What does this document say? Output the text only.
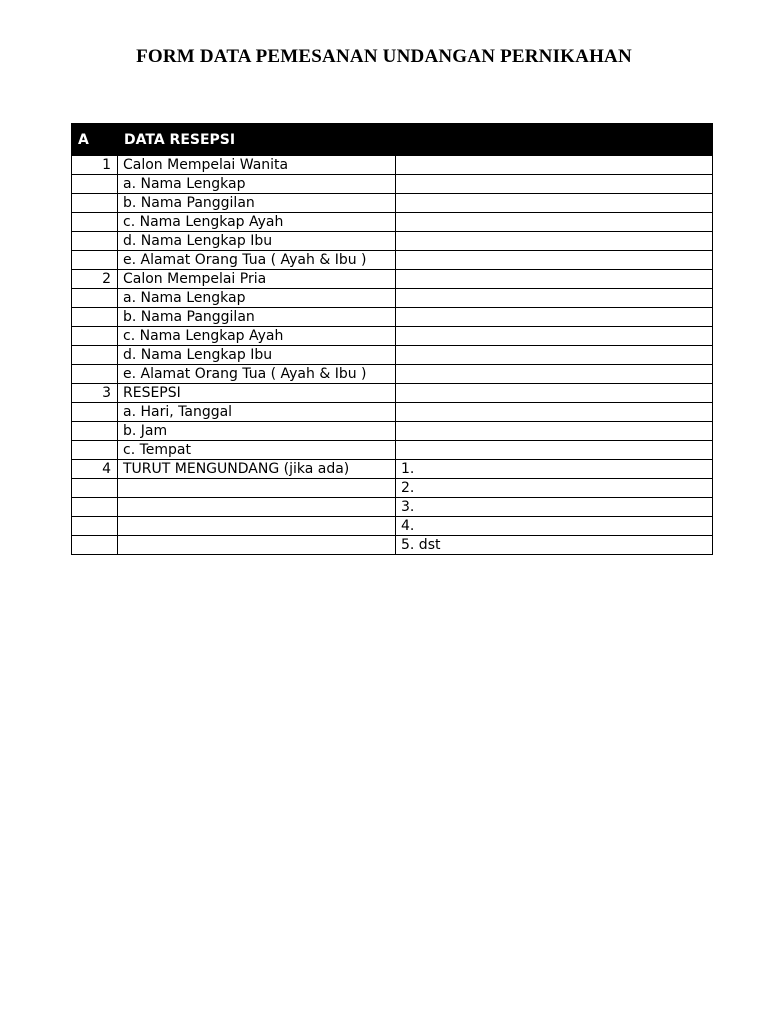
FORM DATA PEMESANAN UNDANGAN PERNIKAHAN
A	DATA RESEPSI	
1	Calon Mempelai Wanita	
	a. Nama Lengkap	
	b. Nama Panggilan	
	c. Nama Lengkap Ayah	
	d. Nama Lengkap Ibu	
	e. Alamat Orang Tua ( Ayah & Ibu )	
2	Calon Mempelai Pria	
	a. Nama Lengkap	
	b. Nama Panggilan	
	c. Nama Lengkap Ayah	
	d. Nama Lengkap Ibu	
	e. Alamat Orang Tua ( Ayah & Ibu )	
3	RESEPSI	
	a. Hari, Tanggal	
	b. Jam	
	c. Tempat	
4	TURUT MENGUNDANG (jika ada)	1.
		2.
		3.
		4.
		5. dst
